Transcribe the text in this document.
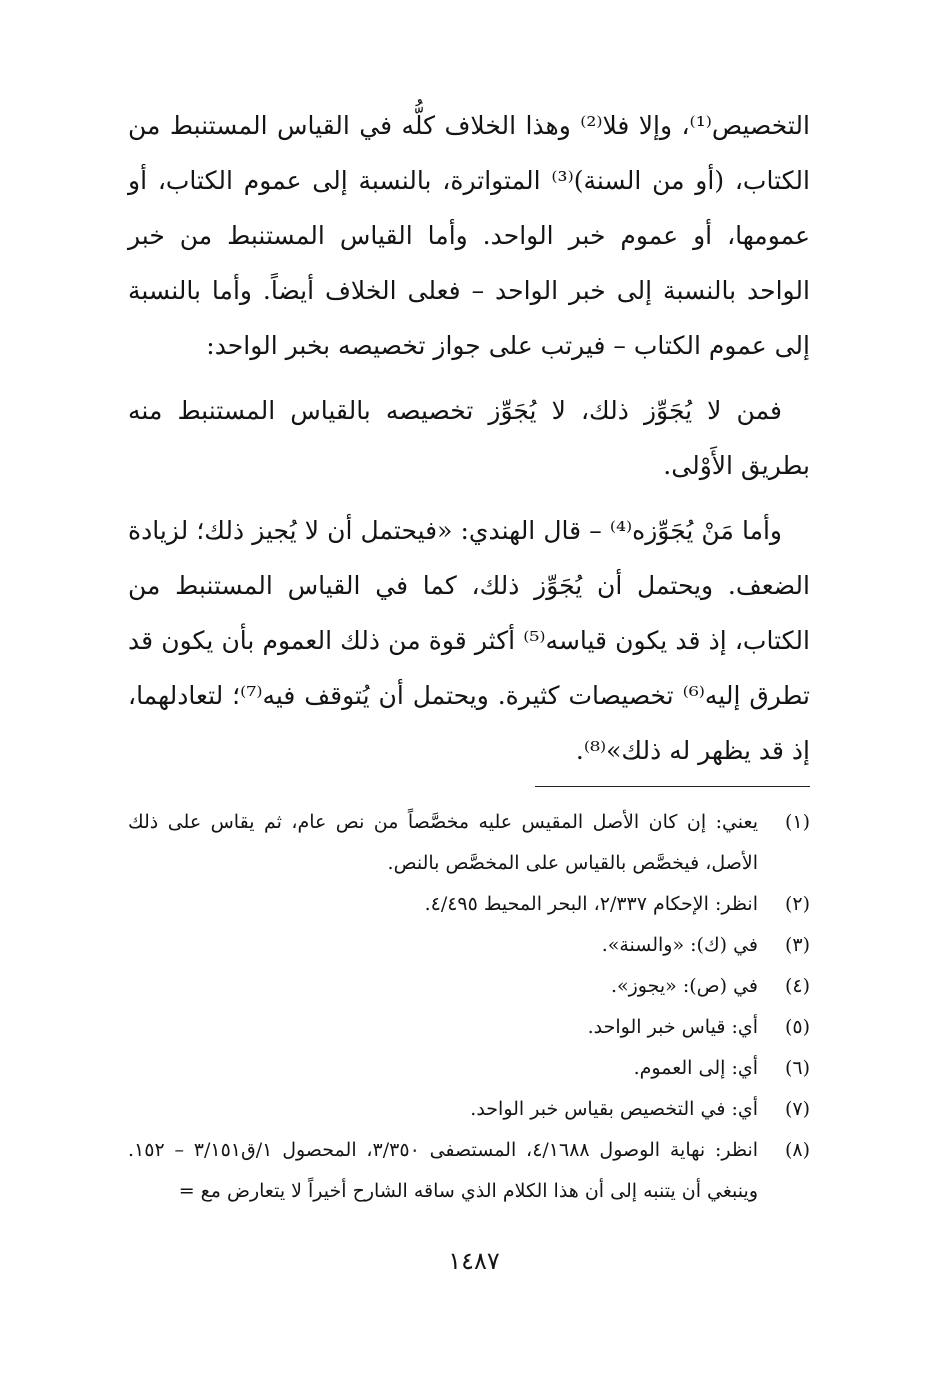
التخصيص⁽¹⁾، وإلا فلا⁽²⁾ وهذا الخلاف كلُّه في القياس المستنبط من الكتاب، (أو من السنة)⁽³⁾ المتواترة، بالنسبة إلى عموم الكتاب، أو عمومها، أو عموم خبر الواحد. وأما القياس المستنبط من خبر الواحد بالنسبة إلى خبر الواحد – فعلى الخلاف أيضاً. وأما بالنسبة إلى عموم الكتاب – فيرتب على جواز تخصيصه بخبر الواحد:

فمن لا يُجَوِّز ذلك، لا يُجَوِّز تخصيصه بالقياس المستنبط منه بطريق الأَوْلى.

وأما مَنْ يُجَوِّزه⁽⁴⁾ – قال الهندي: «فيحتمل أن لا يُجيز ذلك؛ لزيادة الضعف. ويحتمل أن يُجَوِّز ذلك، كما في القياس المستنبط من الكتاب، إذ قد يكون قياسه⁽⁵⁾ أكثر قوة من ذلك العموم بأن يكون قد تطرق إليه⁽⁶⁾ تخصيصات كثيرة. ويحتمل أن يُتوقف فيه⁽⁷⁾؛ لتعادلهما، إذ قد يظهر له ذلك»⁽⁸⁾.

(١)
يعني: إن كان الأصل المقيس عليه مخصَّصاً من نص عام، ثم يقاس على ذلك الأصل، فيخصَّص بالقياس على المخصَّص بالنص.
(٢)
انظر: الإحكام ٢/٣٣٧، البحر المحيط ٤/٤٩٥.
(٣)
في (ك): «والسنة».
(٤)
في (ص): «يجوز».
(٥)
أي: قياس خبر الواحد.
(٦)
أي: إلى العموم.
(٧)
أي: في التخصيص بقياس خبر الواحد.
(٨)
انظر: نهاية الوصول ٤/١٦٨٨، المستصفى ٣/٣٥٠، المحصول ١/ق٣/١٥١ – ١٥٢. وينبغي أن يتنبه إلى أن هذا الكلام الذي ساقه الشارح أخيراً لا يتعارض مع =
١٤٨٧
